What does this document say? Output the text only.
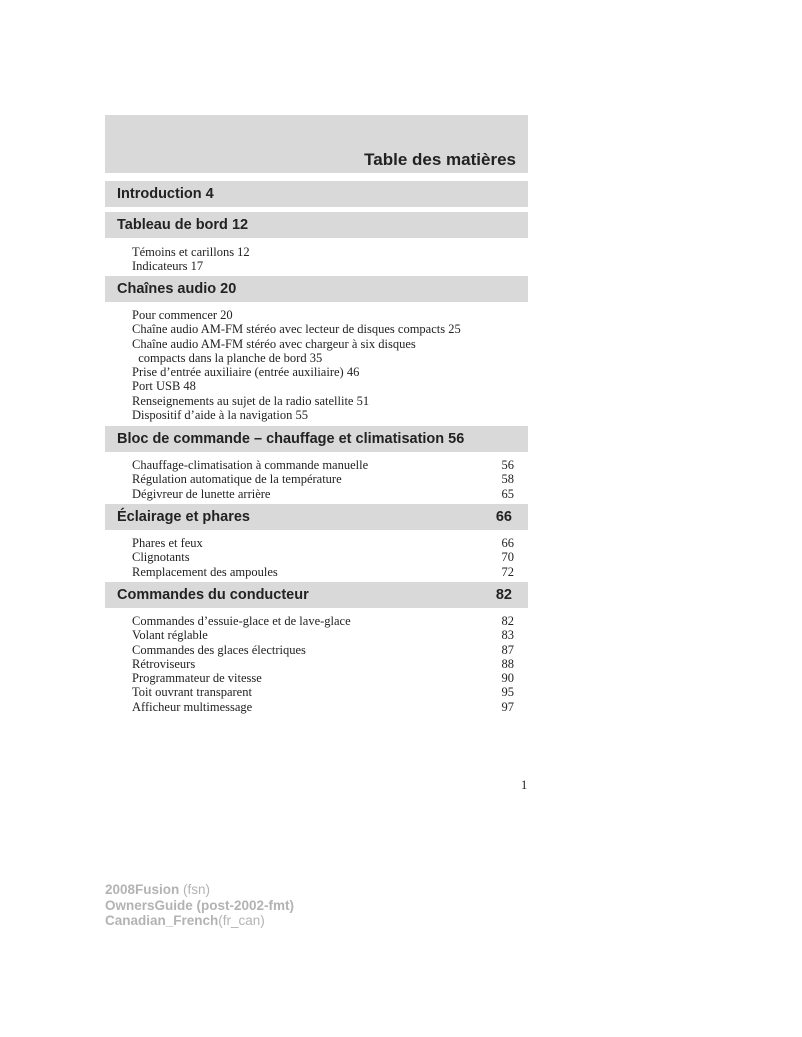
Table des matières
Introduction 4
Tableau de bord 12
Témoins et carillons 12
Indicateurs 17
Chaînes audio 20
Pour commencer 20
Chaîne audio AM-FM stéréo avec lecteur de disques compacts 25
Chaîne audio AM-FM stéréo avec chargeur à six disques
compacts dans la planche de bord 35
Prise d’entrée auxiliaire (entrée auxiliaire) 46
Port USB 48
Renseignements au sujet de la radio satellite 51
Dispositif d’aide à la navigation 55
Bloc de commande – chauffage et climatisation 56
Chauffage-climatisation à commande manuelle	56
Régulation automatique de la température	58
Dégivreur de lunette arrière	65
Éclairage et phares	66
Phares et feux	66
Clignotants	70
Remplacement des ampoules	72
Commandes du conducteur	82
Commandes d’essuie-glace et de lave-glace	82
Volant réglable	83
Commandes des glaces électriques	87
Rétroviseurs	88
Programmateur de vitesse	90
Toit ouvrant transparent	95
Afficheur multimessage	97
1
2008Fusion (fsn)
OwnersGuide (post-2002-fmt)
Canadian_French(fr_can)
